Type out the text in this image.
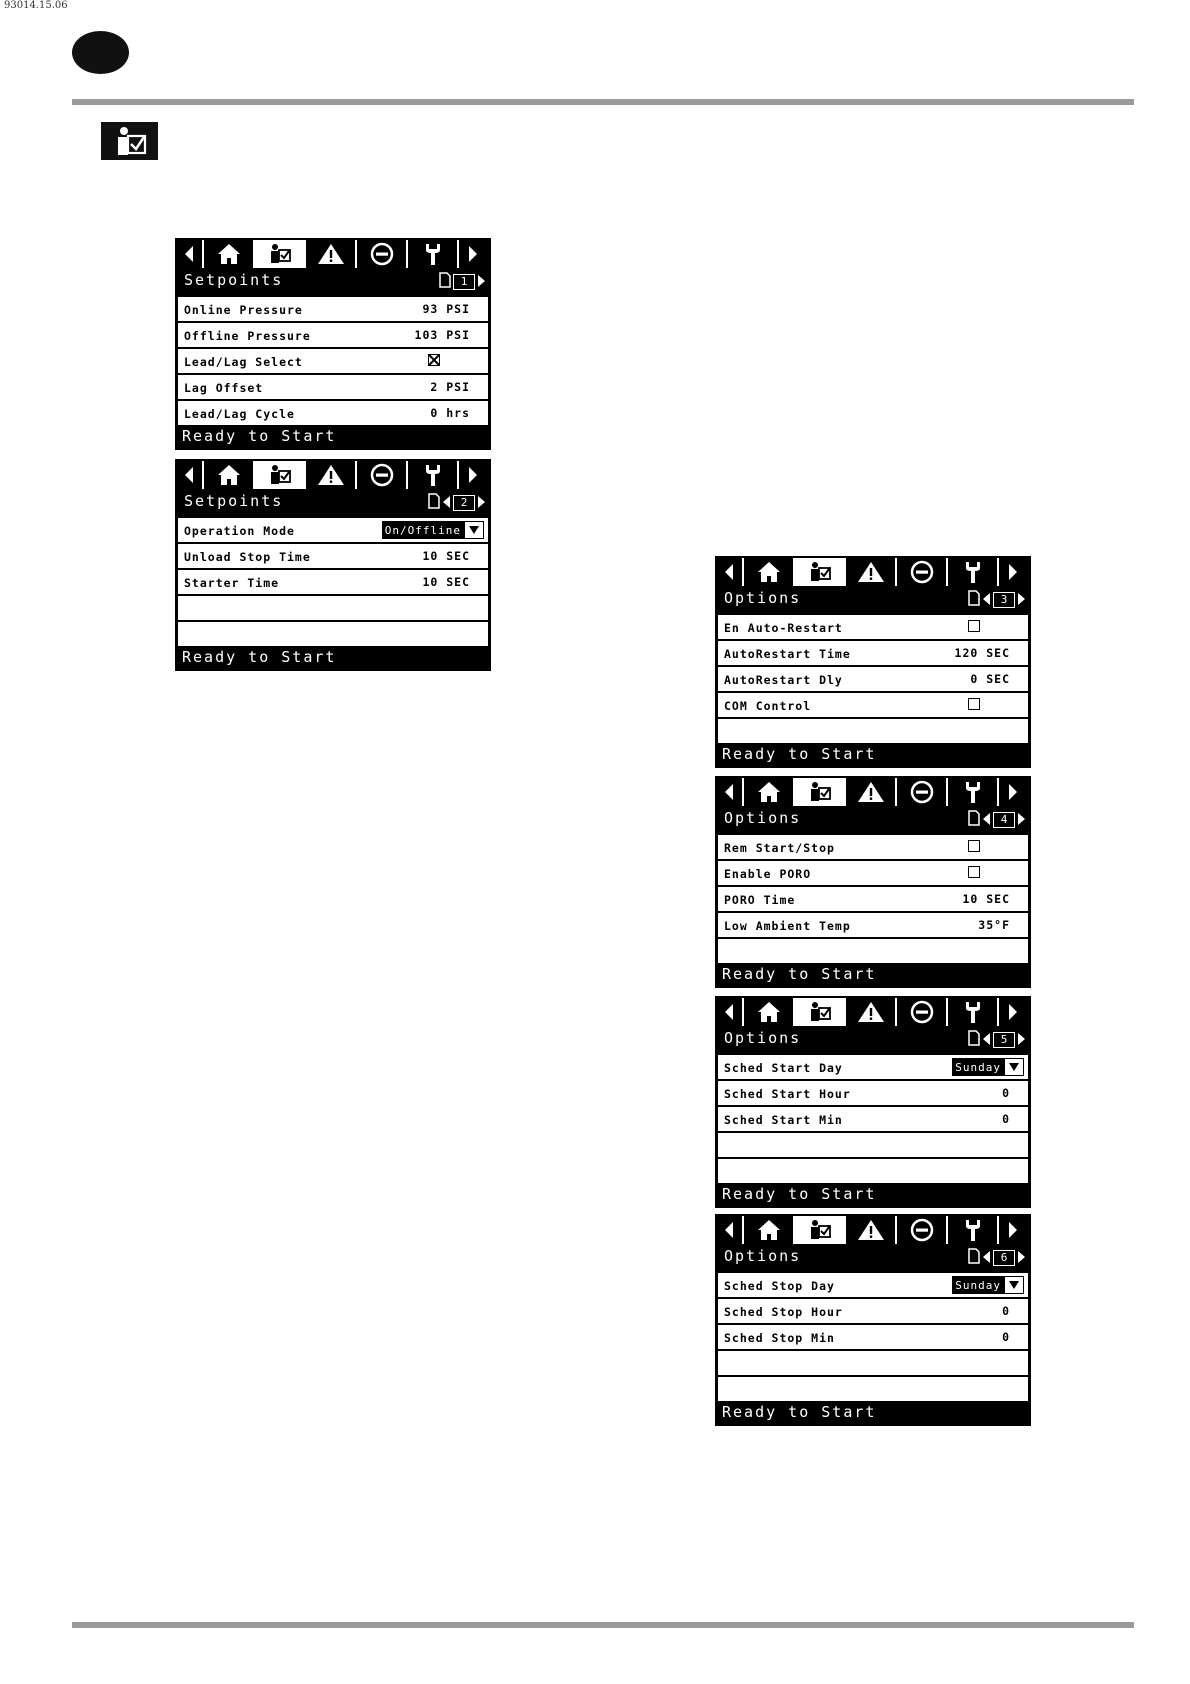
93014.15.06
Setpoints	1
Online Pressure	93 PSI
Offline Pressure	103 PSI
Lead/Lag Select
Lag Offset	2 PSI
Lead/Lag Cycle	0 hrs
Ready to Start
Setpoints	2
Operation Mode	On/Offline
Unload Stop Time	10 SEC
Starter Time	10 SEC
Ready to Start
Options	3
En Auto-Restart
AutoRestart Time	120 SEC
AutoRestart Dly	0 SEC
COM Control
Ready to Start
Options	4
Rem Start/Stop
Enable PORO
PORO Time	10 SEC
Low Ambient Temp	35°F
Ready to Start
Options	5
Sched Start Day	Sunday
Sched Start Hour	0
Sched Start Min	0
Ready to Start
Options	6
Sched Stop Day	Sunday
Sched Stop Hour	0
Sched Stop Min	0
Ready to Start
